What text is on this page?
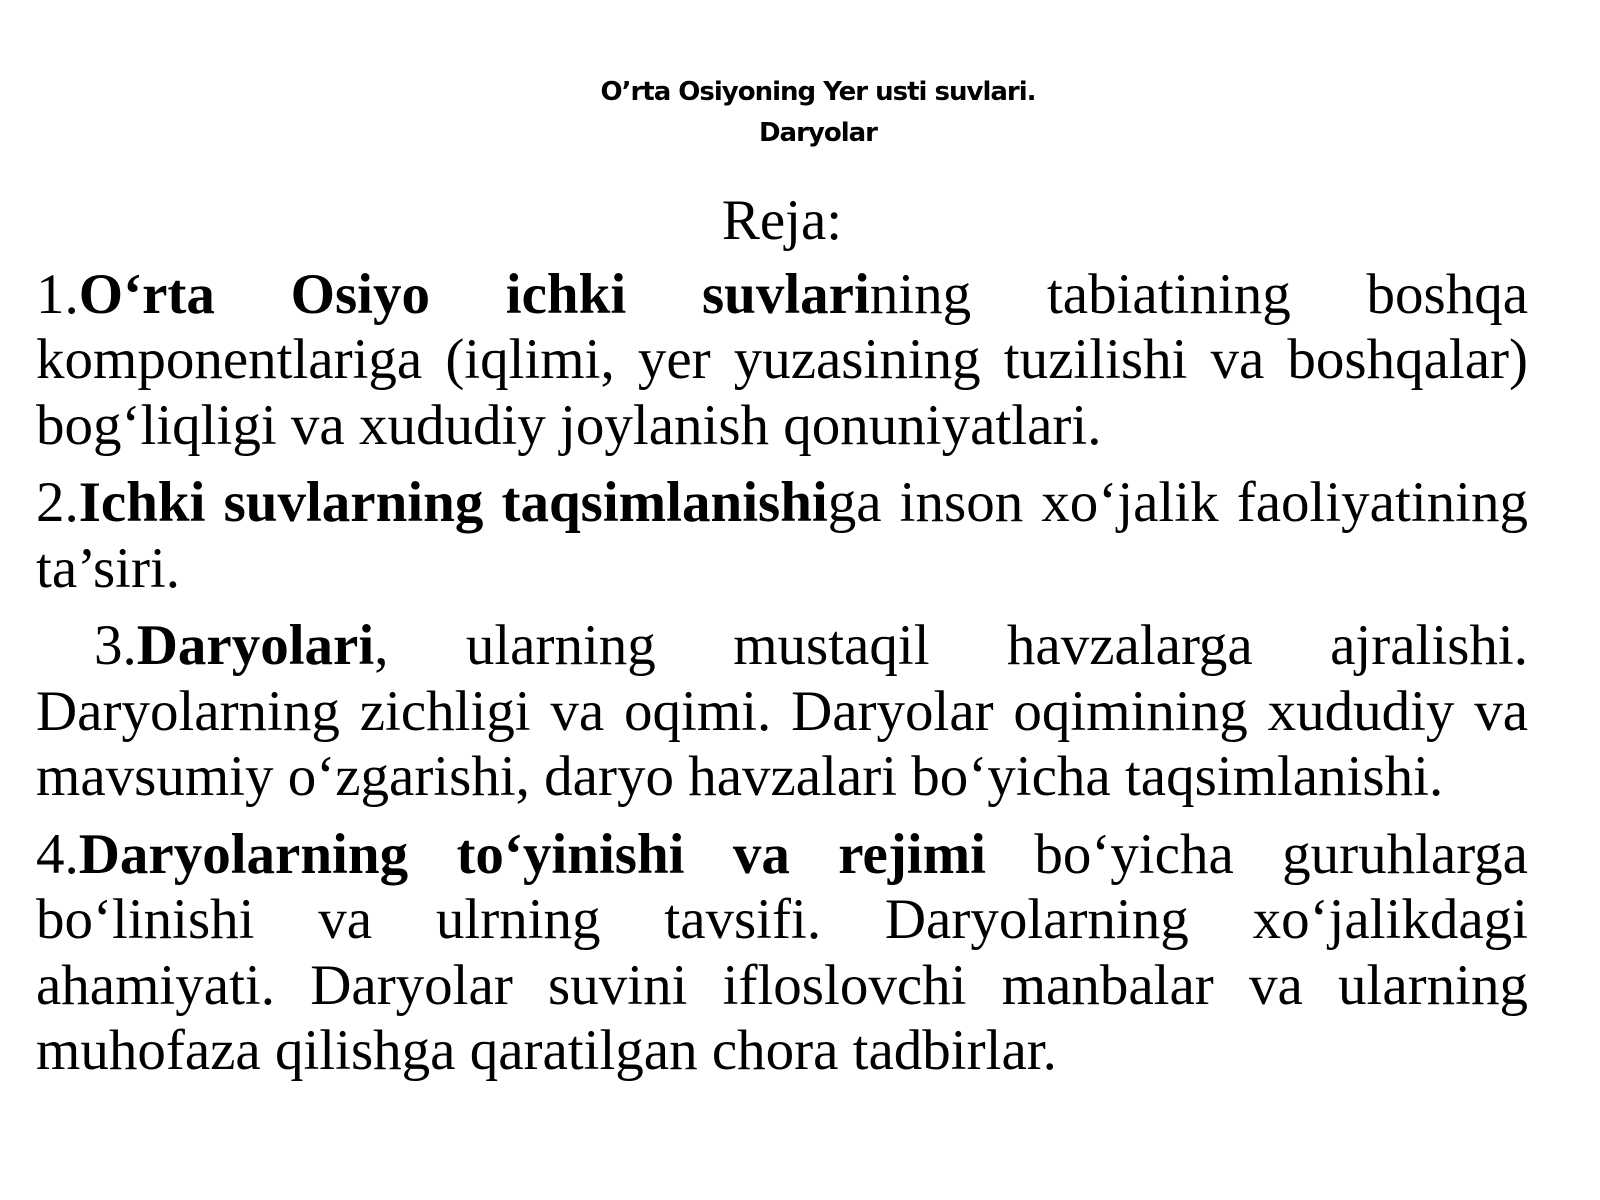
O’rta Osiyoning Yer usti suvlari.
Daryolar

Reja:

1.O‘rta Osiyo ichki suvlarining tabiatining boshqa komponentlariga (iqlimi, yer yuzasining tuzilishi va boshqalar) bog‘liqligi va xududiy joylanish qonuniyatlari.

2.Ichki suvlarning taqsimlanishiga inson xo‘jalik faoliyatining ta’siri.

3.Daryolari, ularning mustaqil havzalarga ajralishi. Daryolarning zichligi va oqimi. Daryolar oqimining xududiy va mavsumiy o‘zgarishi, daryo havzalari bo‘yicha taqsimlanishi.

4.Daryolarning to‘yinishi va rejimi bo‘yicha guruhlarga bo‘linishi va ulrning tavsifi. Daryolarning xo‘jalikdagi ahamiyati. Daryolar suvini ifloslovchi manbalar va ularning muhofaza qilishga qaratilgan chora tadbirlar.
